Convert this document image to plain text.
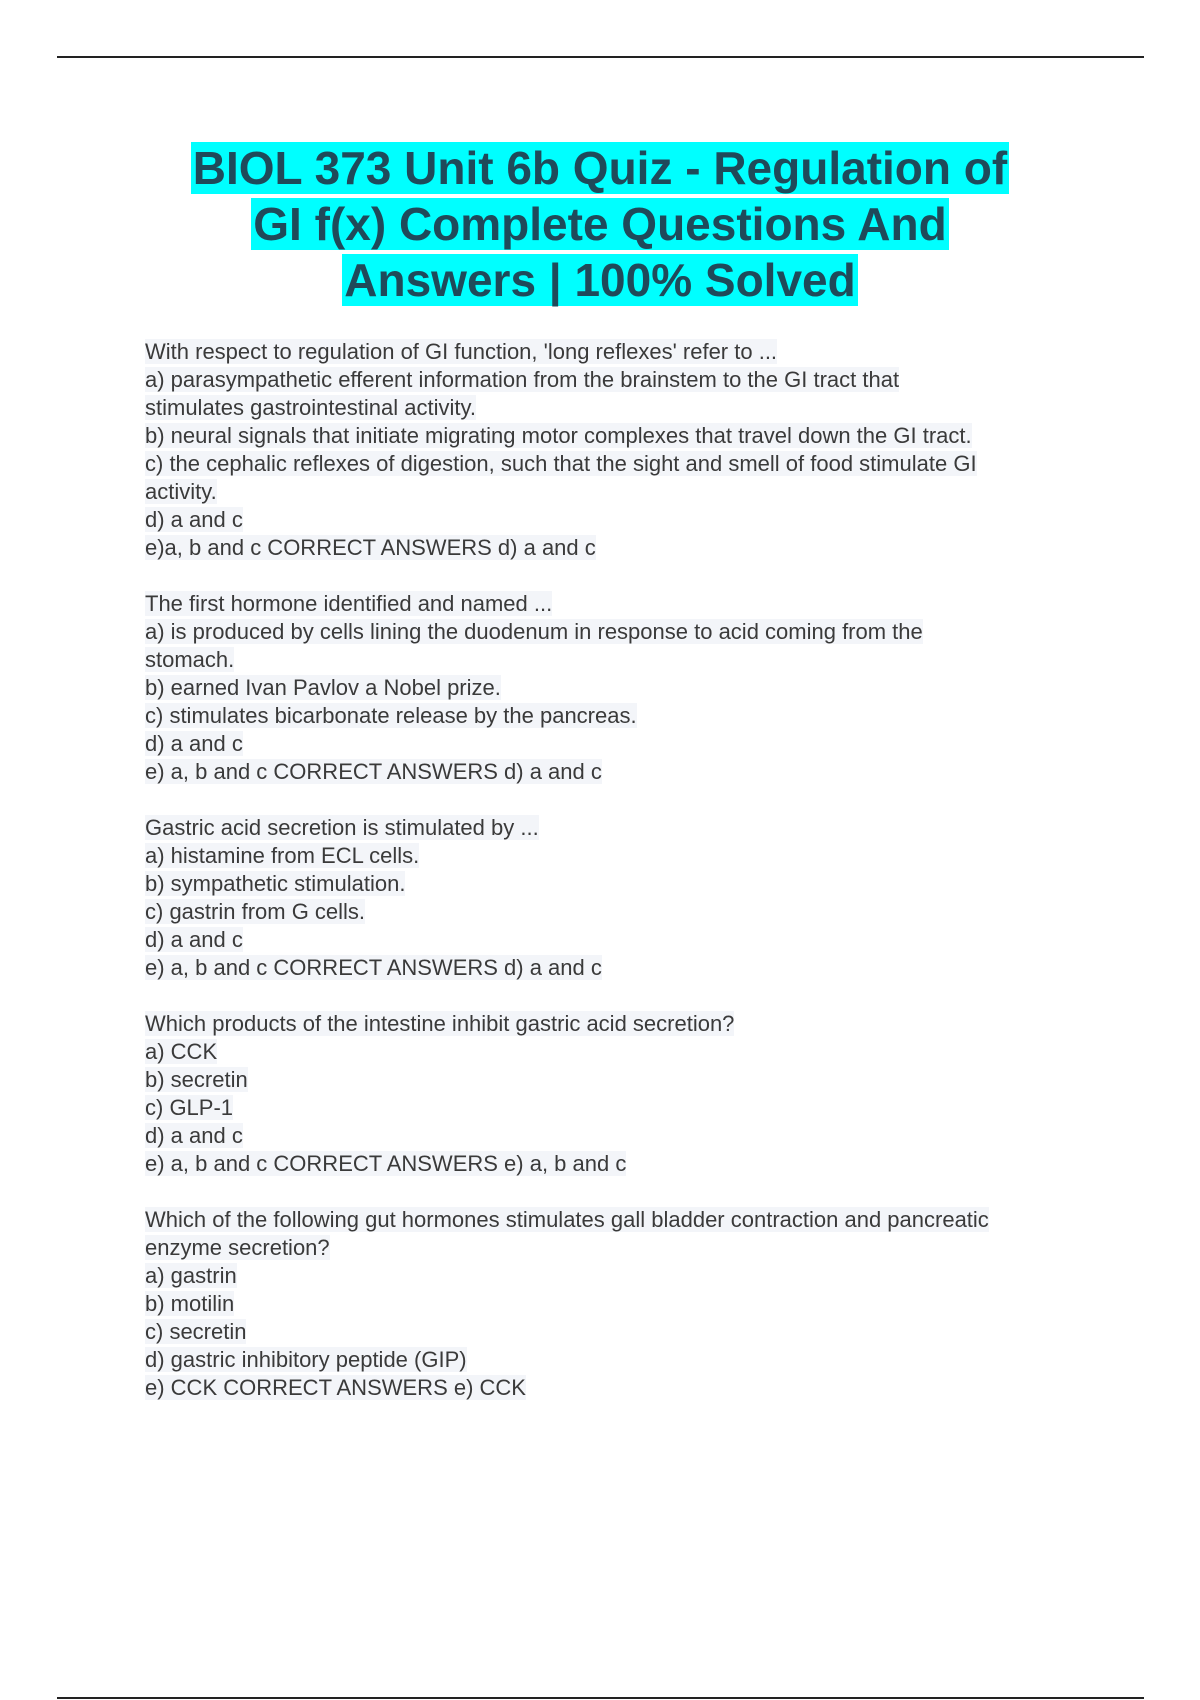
BIOL 373 Unit 6b Quiz - Regulation of
GI f(x) Complete Questions And
Answers | 100% Solved
With respect to regulation of GI function, 'long reflexes' refer to ...
a) parasympathetic efferent information from the brainstem to the GI tract that
stimulates gastrointestinal activity.
b) neural signals that initiate migrating motor complexes that travel down the GI tract.
c) the cephalic reflexes of digestion, such that the sight and smell of food stimulate GI
activity.
d) a and c
e)a, b and c CORRECT ANSWERS d) a and c
The first hormone identified and named ...
a) is produced by cells lining the duodenum in response to acid coming from the
stomach.
b) earned Ivan Pavlov a Nobel prize.
c) stimulates bicarbonate release by the pancreas.
d) a and c
e) a, b and c CORRECT ANSWERS d) a and c
Gastric acid secretion is stimulated by ...
a) histamine from ECL cells.
b) sympathetic stimulation.
c) gastrin from G cells.
d) a and c
e) a, b and c CORRECT ANSWERS d) a and c
Which products of the intestine inhibit gastric acid secretion?
a) CCK
b) secretin
c) GLP-1
d) a and c
e) a, b and c CORRECT ANSWERS e) a, b and c
Which of the following gut hormones stimulates gall bladder contraction and pancreatic
enzyme secretion?
a) gastrin
b) motilin
c) secretin
d) gastric inhibitory peptide (GIP)
e) CCK CORRECT ANSWERS e) CCK
